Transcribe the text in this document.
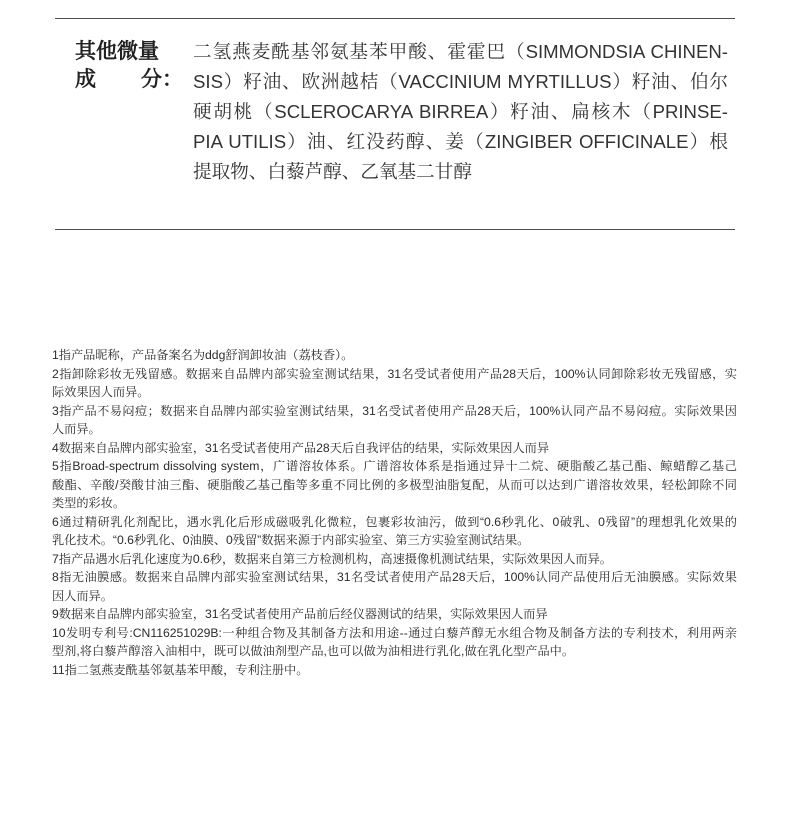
其他微量
成 分：
二氢燕麦酰基邻氨基苯甲酸、霍霍巴（SIMMONDSIA CHINEN-
SIS）籽油、欧洲越桔（VACCINIUM MYRTILLUS）籽油、伯尔
硬胡桃（SCLEROCARYA BIRREA）籽油、扁核木（PRINSE-
PIA UTILIS）油、红没药醇、姜（ZINGIBER OFFICINALE）根
提取物、白藜芦醇、乙氧基二甘醇
1指产品昵称，产品备案名为ddg舒润卸妆油（荔枝香）。
2指卸除彩妆无残留感。数据来自品牌内部实验室测试结果，31名受试者使用产品28天后，100%认同卸除彩妆无残留感，实
际效果因人而异。
3指产品不易闷痘；数据来自品牌内部实验室测试结果，31名受试者使用产品28天后，100%认同产品不易闷痘。实际效果因
人而异。
4数据来自品牌内部实验室，31名受试者使用产品28天后自我评估的结果，实际效果因人而异
5指Broad-spectrum dissolving system，广谱溶妆体系。广谱溶妆体系是指通过异十二烷、硬脂酸乙基己酯、鲸蜡醇乙基己
酸酯、辛酸/癸酸甘油三酯、硬脂酸乙基己酯等多重不同比例的多极型油脂复配，从而可以达到广谱溶妆效果，轻松卸除不同
类型的彩妆。
6通过精研乳化剂配比，遇水乳化后形成磁吸乳化微粒，包裹彩妆油污，做到“0.6秒乳化、0破乳、0残留”的理想乳化效果的
乳化技术。“0.6秒乳化、0油膜、0残留”数据来源于内部实验室、第三方实验室测试结果。
7指产品遇水后乳化速度为0.6秒，数据来自第三方检测机构，高速摄像机测试结果，实际效果因人而异。
8指无油膜感。数据来自品牌内部实验室测试结果，31名受试者使用产品28天后，100%认同产品使用后无油膜感。实际效果
因人而异。
9数据来自品牌内部实验室，31名受试者使用产品前后经仪器测试的结果，实际效果因人而异
10发明专利号:CN116251029B:一种组合物及其制备方法和用途--通过白藜芦醇无水组合物及制备方法的专利技术，利用两亲
型剂,将白藜芦醇溶入油相中，既可以做油剂型产品,也可以做为油相进行乳化,做在乳化型产品中。
11指二氢燕麦酰基邻氨基苯甲酸，专利注册中。
